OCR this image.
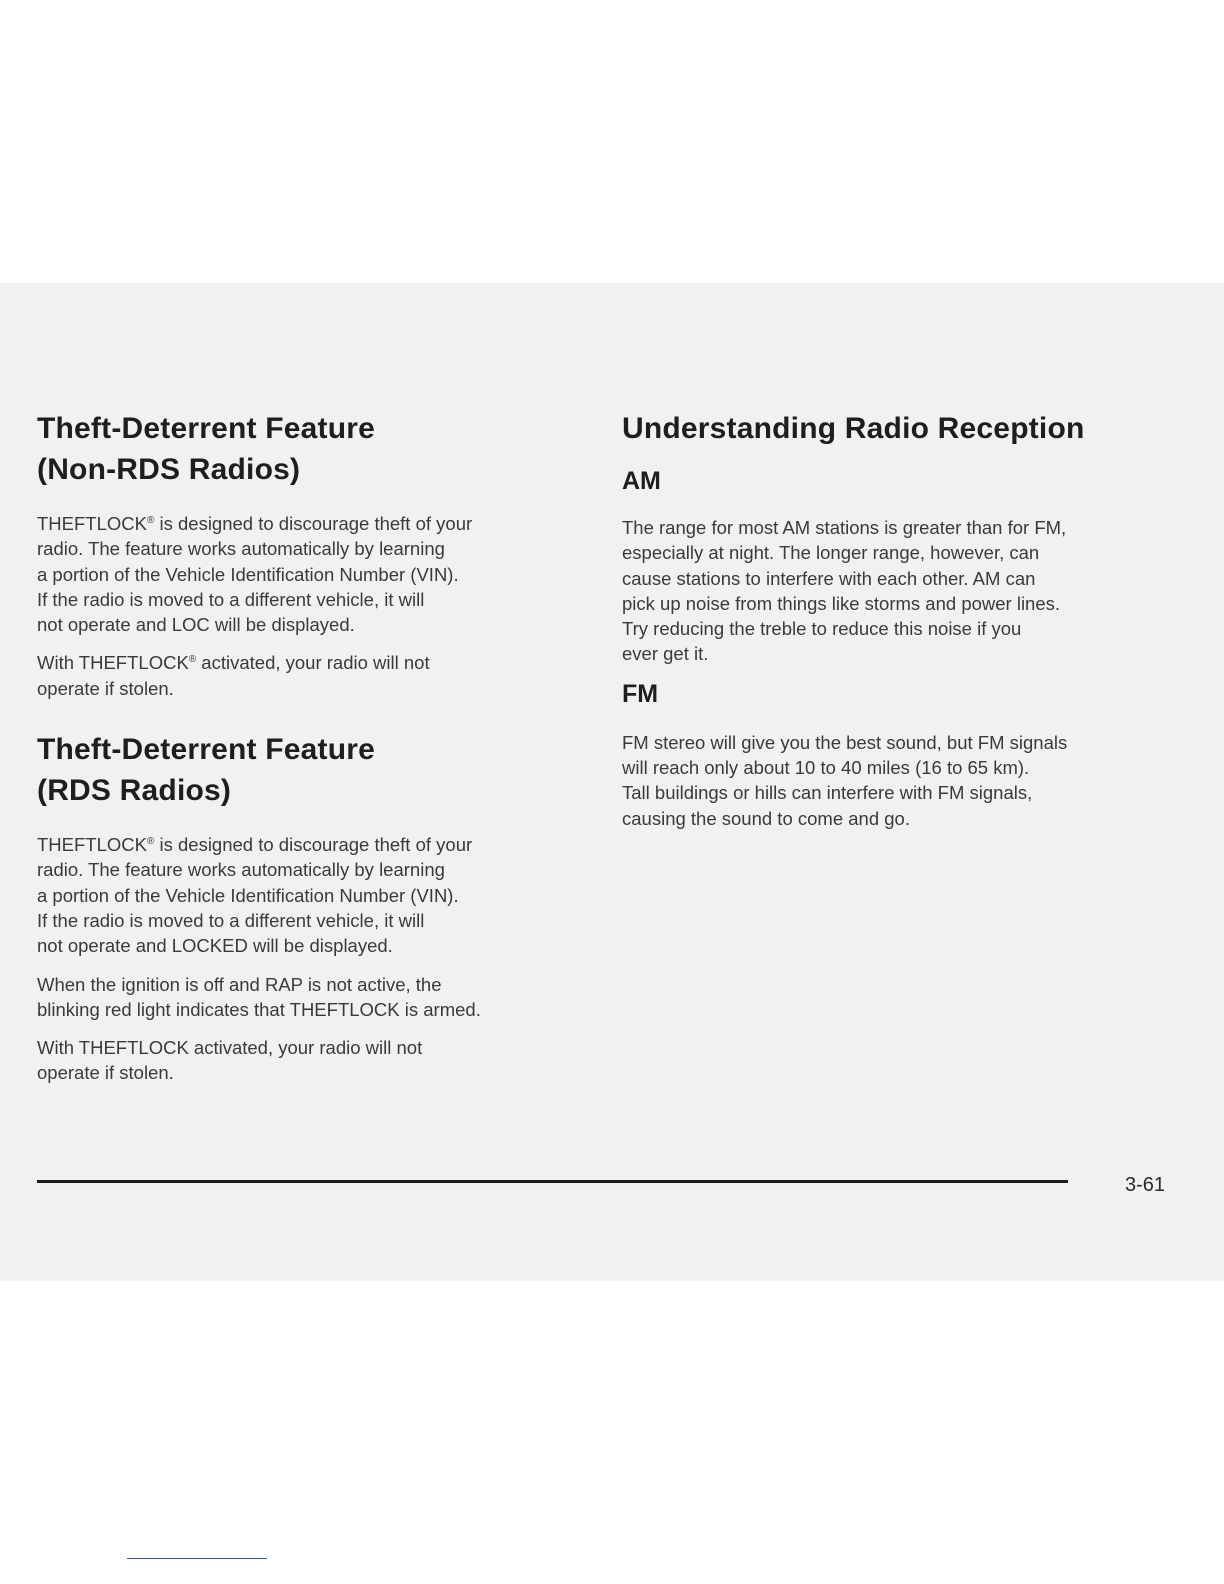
Theft-Deterrent Feature
(Non-RDS Radios)

THEFTLOCK® is designed to discourage theft of your
radio. The feature works automatically by learning
a portion of the Vehicle Identification Number (VIN).
If the radio is moved to a different vehicle, it will
not operate and LOC will be displayed.

With THEFTLOCK® activated, your radio will not
operate if stolen.

Theft-Deterrent Feature
(RDS Radios)

THEFTLOCK® is designed to discourage theft of your
radio. The feature works automatically by learning
a portion of the Vehicle Identification Number (VIN).
If the radio is moved to a different vehicle, it will
not operate and LOCKED will be displayed.

When the ignition is off and RAP is not active, the
blinking red light indicates that THEFTLOCK is armed.

With THEFTLOCK activated, your radio will not
operate if stolen.

Understanding Radio Reception
AM

The range for most AM stations is greater than for FM,
especially at night. The longer range, however, can
cause stations to interfere with each other. AM can
pick up noise from things like storms and power lines.
Try reducing the treble to reduce this noise if you
ever get it.

FM

FM stereo will give you the best sound, but FM signals
will reach only about 10 to 40 miles (16 to 65 km).
Tall buildings or hills can interfere with FM signals,
causing the sound to come and go.

3-61
